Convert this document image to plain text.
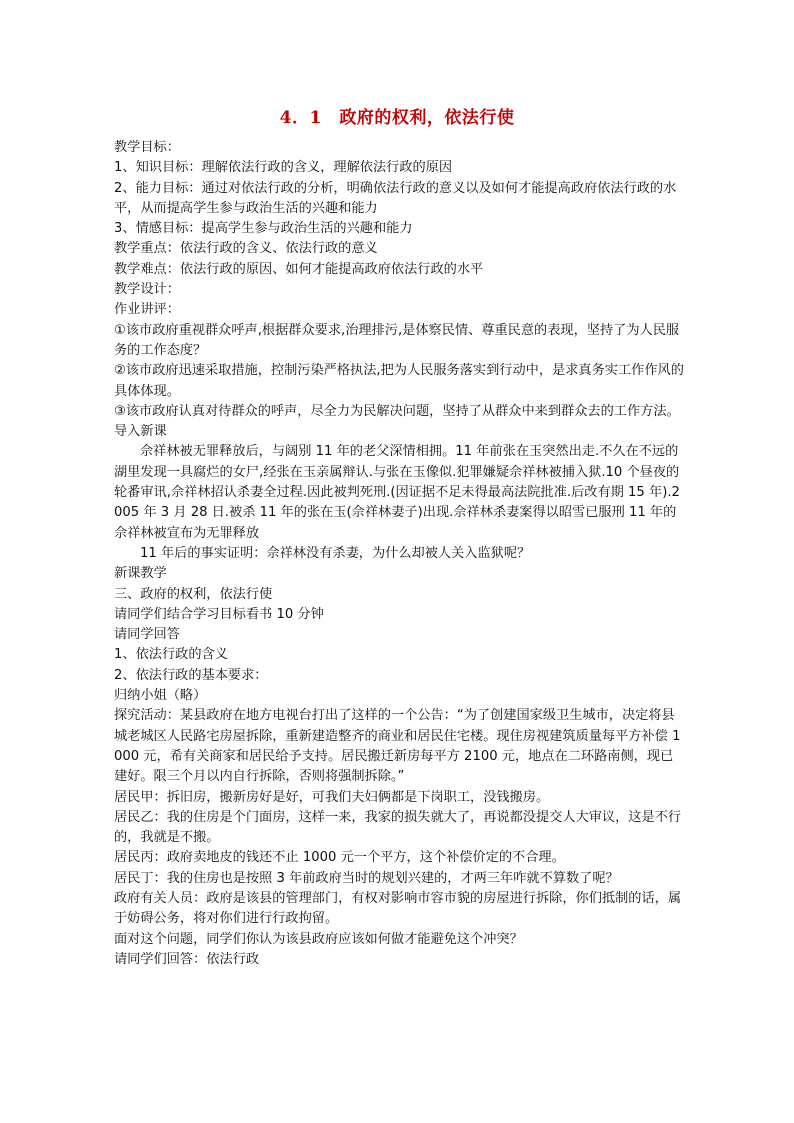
4．1　政府的权利，依法行使

教学目标：

1、知识目标：理解依法行政的含义，理解依法行政的原因

2、能力目标：通过对依法行政的分析，明确依法行政的意义以及如何才能提高政府依法行政的水平，从而提高学生参与政治生活的兴趣和能力

3、情感目标：提高学生参与政治生活的兴趣和能力

教学重点：依法行政的含义、依法行政的意义

教学难点：依法行政的原因、如何才能提高政府依法行政的水平

教学设计：

作业讲评：

①该市政府重视群众呼声,根据群众要求,治理排污,是体察民情、尊重民意的表现，坚持了为人民服务的工作态度？

②该市政府迅速采取措施，控制污染严格执法,把为人民服务落实到行动中，是求真务实工作作风的具体体现。

③该市政府认真对待群众的呼声，尽全力为民解决问题，坚持了从群众中来到群众去的工作方法。

导入新课

佘祥林被无罪释放后，与阔别 11 年的老父深情相拥。11 年前张在玉突然出走.不久在不远的湖里发现一具腐烂的女尸,经张在玉亲属辩认.与张在玉像似.犯罪嫌疑佘祥林被捕入狱.10 个昼夜的轮番审讯,佘祥林招认杀妻全过程.因此被判死刑.(因证据不足未得最高法院批准.后改有期 15 年).2005 年 3 月 28 日.被杀 11 年的张在玉(佘祥林妻子)出现.佘祥林杀妻案得以昭雪已服刑 11 年的佘祥林被宣布为无罪释放

11 年后的事实证明：佘祥林没有杀妻，为什么却被人关入监狱呢？

新课教学

三、政府的权利，依法行使

请同学们结合学习目标看书 10 分钟

请同学回答

1、依法行政的含义

2、依法行政的基本要求：

归纳小姐（略）

探究活动：某县政府在地方电视台打出了这样的一个公告：“为了创建国家级卫生城市，决定将县城老城区人民路宅房屋拆除，重新建造整齐的商业和居民住宅楼。现住房视建筑质量每平方补偿 1000 元，希有关商家和居民给予支持。居民搬迁新房每平方 2100 元，地点在二环路南侧，现已建好。限三个月以内自行拆除，否则将强制拆除。”

居民甲：拆旧房，搬新房好是好，可我们夫妇俩都是下岗职工，没钱搬房。

居民乙：我的住房是个门面房，这样一来，我家的损失就大了，再说都没提交人大审议，这是不行的，我就是不搬。

居民丙：政府卖地皮的钱还不止 1000 元一个平方，这个补偿价定的不合理。

居民丁：我的住房也是按照 3 年前政府当时的规划兴建的，才两三年咋就不算数了呢？

政府有关人员：政府是该县的管理部门，有权对影响市容市貌的房屋进行拆除，你们抵制的话，属于妨碍公务，将对你们进行行政拘留。

面对这个问题，同学们你认为该县政府应该如何做才能避免这个冲突？

请同学们回答：依法行政
